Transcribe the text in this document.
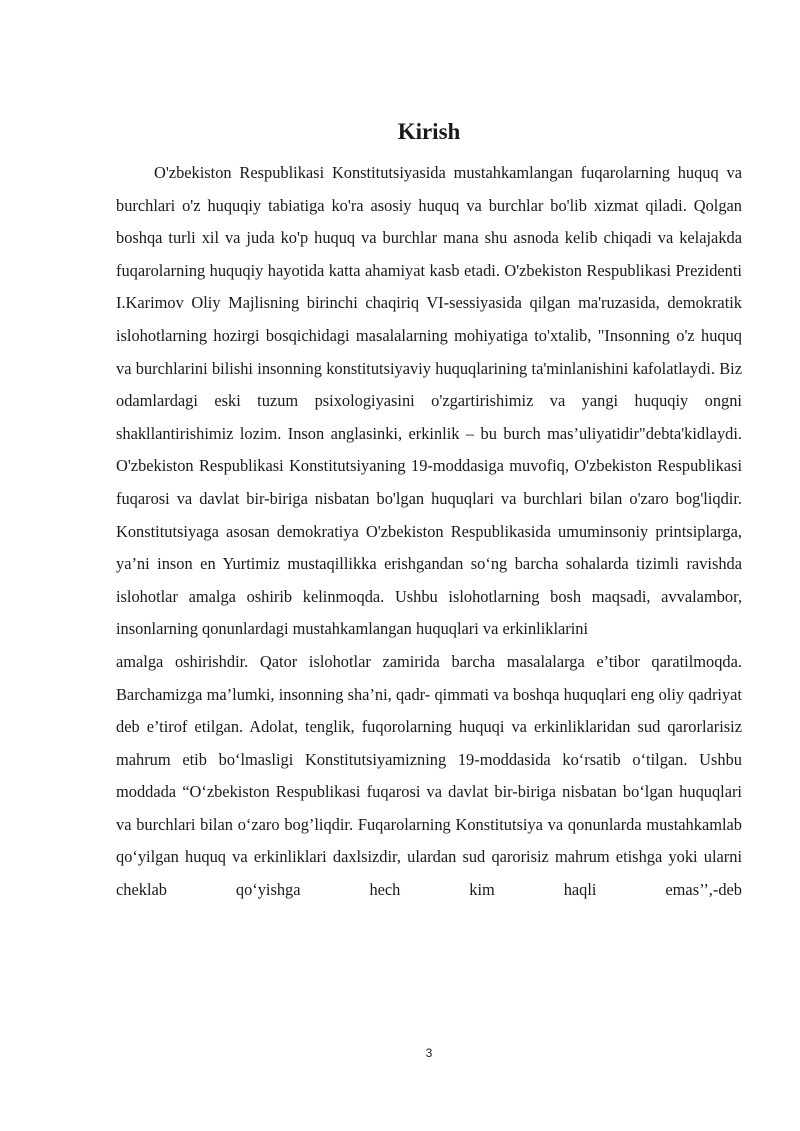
Kirish

O'zbekiston Respublikasi Konstitutsiyasida mustahkamlangan fuqarolarning huquq va burchlari o'z huquqiy tabiatiga ko'ra asosiy huquq va burchlar bo'lib xizmat qiladi. Qolgan boshqa turli xil va juda ko'p huquq va burchlar mana shu asnoda kelib chiqadi va kelajakda fuqarolarning huquqiy hayotida katta ahamiyat kasb etadi. O'zbekiston Respublikasi Prezidenti I.Karimov Oliy Majlisning birinchi chaqiriq VI-sessiyasida qilgan ma'ruzasida, demokratik islohotlarning hozirgi bosqichidagi masalalarning mohiyatiga to'xtalib, "Insonning o'z huquq va burchlarini bilishi insonning konstitutsiyaviy huquqlarining ta'minlanishini kafolatlaydi. Biz odamlardagi eski tuzum psixologiyasini o'zgartirishimiz va yangi huquqiy ongni shakllantirishimiz lozim. Inson anglasinki, erkinlik – bu burch mas’uliyatidir"debta'kidlaydi. O'zbekiston Respublikasi Konstitutsiyaning 19-moddasiga muvofiq, O'zbekiston Respublikasi fuqarosi va davlat bir-biriga nisbatan bo'lgan huquqlari va burchlari bilan o'zaro bog'liqdir. Konstitutsiyaga asosan demokratiya O'zbekiston Respublikasida umuminsoniy printsiplarga, ya’ni inson en Yurtimiz mustaqillikka erishgandan so‘ng barcha sohalarda tizimli ravishda islohotlar amalga oshirib kelinmoqda. Ushbu islohotlarning bosh maqsadi, avvalambor, insonlarning qonunlardagi mustahkamlangan huquqlari va erkinliklarini

amalga oshirishdir. Qator islohotlar zamirida barcha masalalarga e’tibor qaratilmoqda. Barchamizga ma’lumki, insonning sha’ni, qadr- qimmati va boshqa huquqlari eng oliy qadriyat deb e’tirof etilgan. Adolat, tenglik, fuqorolarning huquqi va erkinliklaridan sud qarorlarisiz mahrum etib bo‘lmasligi Konstitutsiyamizning 19-moddasida ko‘rsatib o‘tilgan. Ushbu moddada “O‘zbekiston Respublikasi fuqarosi va davlat bir-biriga nisbatan bo‘lgan huquqlari va burchlari bilan o‘zaro bog’liqdir. Fuqarolarning Konstitutsiya va qonunlarda mustahkamlab qo‘yilgan huquq va erkinliklari daxlsizdir, ulardan sud qarorisiz mahrum etishga yoki ularni cheklab qo‘yishga hech kim haqli emas’’,-deb

3
